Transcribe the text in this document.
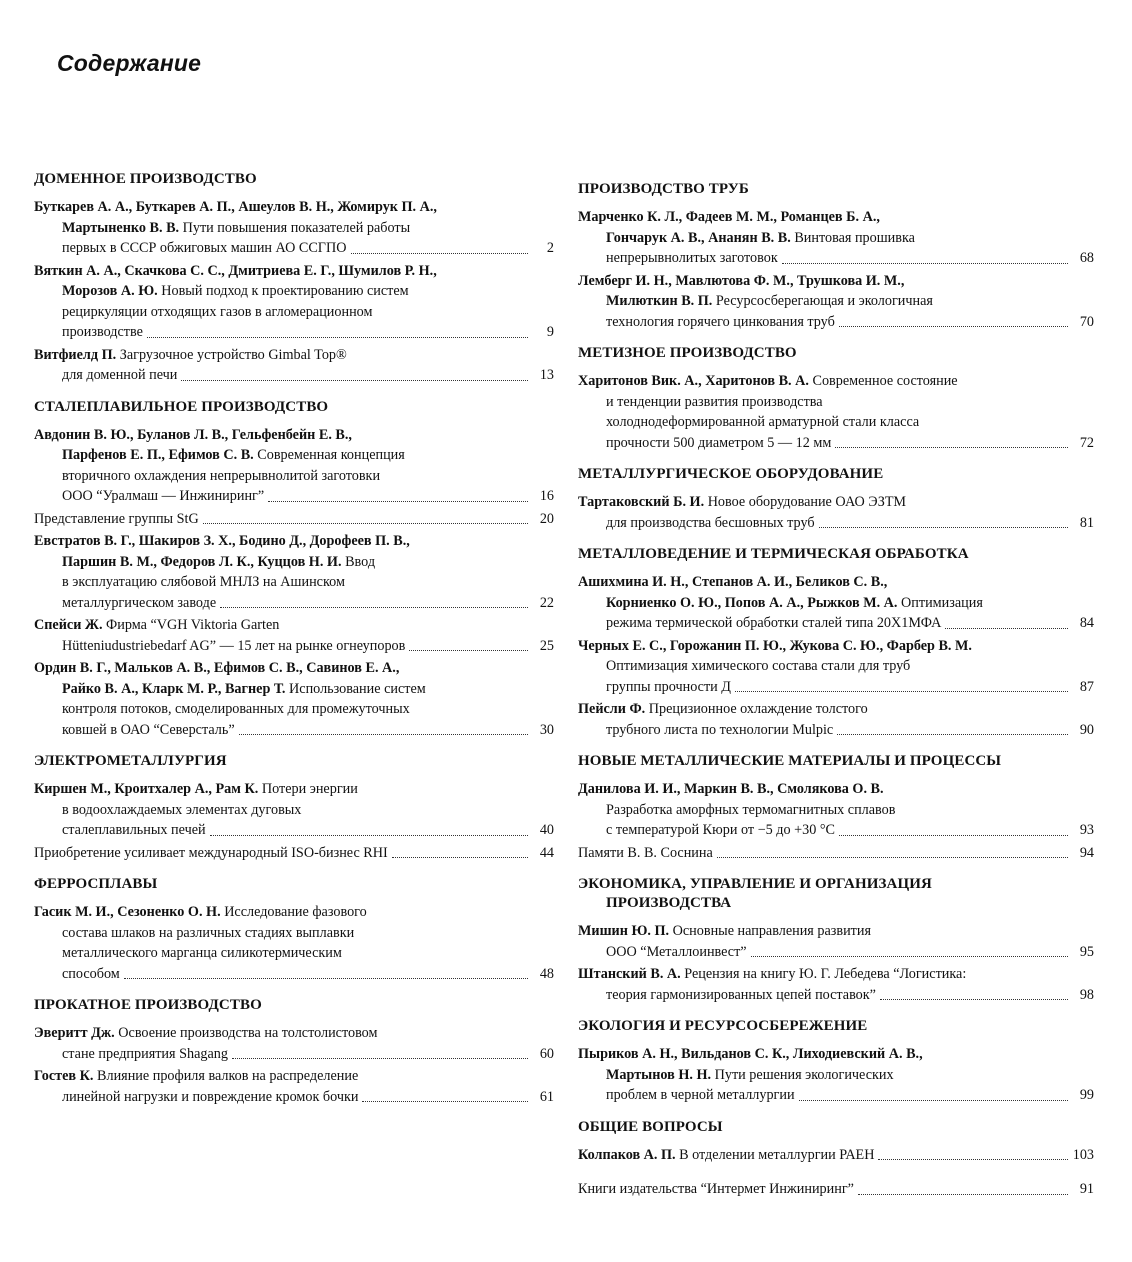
Содержание
ДОМЕННОЕ ПРОИЗВОДСТВО
Буткарев А. А., Буткарев А. П., Ашеулов В. Н., Жомирук П. А.,
Мартыненко В. В. Пути повышения показателей работы
первых в СССР обжиговых машин АО ССГПО	2
Вяткин А. А., Скачкова С. С., Дмитриева Е. Г., Шумилов Р. Н.,
Морозов А. Ю. Новый подход к проектированию систем
рециркуляции отходящих газов в агломерационном
производстве	9
Витфиелд П. Загрузочное устройство Gimbal Top®
для доменной печи	13
СТАЛЕПЛАВИЛЬНОЕ ПРОИЗВОДСТВО
Авдонин В. Ю., Буланов Л. В., Гельфенбейн Е. В.,
Парфенов Е. П., Ефимов С. В. Современная концепция
вторичного охлаждения непрерывнолитой заготовки
ООО “Уралмаш — Инжиниринг”	16
Представление группы StG	20
Евстратов В. Г., Шакиров З. Х., Бодино Д., Дорофеев П. В.,
Паршин В. М., Федоров Л. К., Куццов Н. И. Ввод
в эксплуатацию слябовой МНЛЗ на Ашинском
металлургическом заводе	22
Спейси Ж. Фирма “VGH Viktoria Garten
Hütteniudustriebedarf AG” — 15 лет на рынке огнеупоров	25
Ордин В. Г., Мальков А. В., Ефимов С. В., Савинов Е. А.,
Райко В. А., Кларк М. Р., Вагнер Т. Использование систем
контроля потоков, смоделированных для промежуточных
ковшей в ОАО “Северсталь”	30
ЭЛЕКТРОМЕТАЛЛУРГИЯ
Киршен М., Кроитхалер А., Рам К. Потери энергии
в водоохлаждаемых элементах дуговых
сталеплавильных печей	40
Приобретение усиливает международный ISO-бизнес RHI	44
ФЕРРОСПЛАВЫ
Гасик М. И., Сезоненко О. Н. Исследование фазового
состава шлаков на различных стадиях выплавки
металлического марганца силикотермическим
способом	48
ПРОКАТНОЕ ПРОИЗВОДСТВО
Эверитт Дж. Освоение производства на толстолистовом
стане предприятия Shagang	60
Гостев К. Влияние профиля валков на распределение
линейной нагрузки и повреждение кромок бочки	61
ПРОИЗВОДСТВО ТРУБ
Марченко К. Л., Фадеев М. М., Романцев Б. А.,
Гончарук А. В., Ананян В. В. Винтовая прошивка
непрерывнолитых заготовок	68
Лемберг И. Н., Мавлютова Ф. М., Трушкова И. М.,
Милюткин В. П. Ресурсосберегающая и экологичная
технология горячего цинкования труб	70
МЕТИЗНОЕ ПРОИЗВОДСТВО
Харитонов Вик. А., Харитонов В. А. Современное состояние
и тенденции развития производства
холоднодеформированной арматурной стали класса
прочности 500 диаметром 5 — 12 мм	72
МЕТАЛЛУРГИЧЕСКОЕ ОБОРУДОВАНИЕ
Тартаковский Б. И. Новое оборудование ОАО ЭЗТМ
для производства бесшовных труб	81
МЕТАЛЛОВЕДЕНИЕ И ТЕРМИЧЕСКАЯ ОБРАБОТКА
Ашихмина И. Н., Степанов А. И., Беликов С. В.,
Корниенко О. Ю., Попов А. А., Рыжков М. А. Оптимизация
режима термической обработки сталей типа 20Х1МФА	84
Черных Е. С., Горожанин П. Ю., Жукова С. Ю., Фарбер В. М.
Оптимизация химического состава стали для труб
группы прочности Д	87
Пейсли Ф. Прецизионное охлаждение толстого
трубного листа по технологии Mulpic	90
НОВЫЕ МЕТАЛЛИЧЕСКИЕ МАТЕРИАЛЫ И ПРОЦЕССЫ
Данилова И. И., Маркин В. В., Смолякова О. В.
Разработка аморфных термомагнитных сплавов
с температурой Кюри от −5 до +30 °С	93
Памяти В. В. Соснина	94
ЭКОНОМИКА, УПРАВЛЕНИЕ И ОРГАНИЗАЦИЯ
ПРОИЗВОДСТВА
Мишин Ю. П. Основные направления развития
ООО “Металлоинвест”	95
Штанский В. А. Рецензия на книгу Ю. Г. Лебедева “Логистика:
теория гармонизированных цепей поставок”	98
ЭКОЛОГИЯ И РЕСУРСОСБЕРЕЖЕНИЕ
Пыриков А. Н., Вильданов С. К., Лиходиевский А. В.,
Мартынов Н. Н. Пути решения экологических
проблем в черной металлургии	99
ОБЩИЕ ВОПРОСЫ
Колпаков А. П. В отделении металлургии РАЕН	103
Книги издательства “Интермет Инжиниринг”	91
